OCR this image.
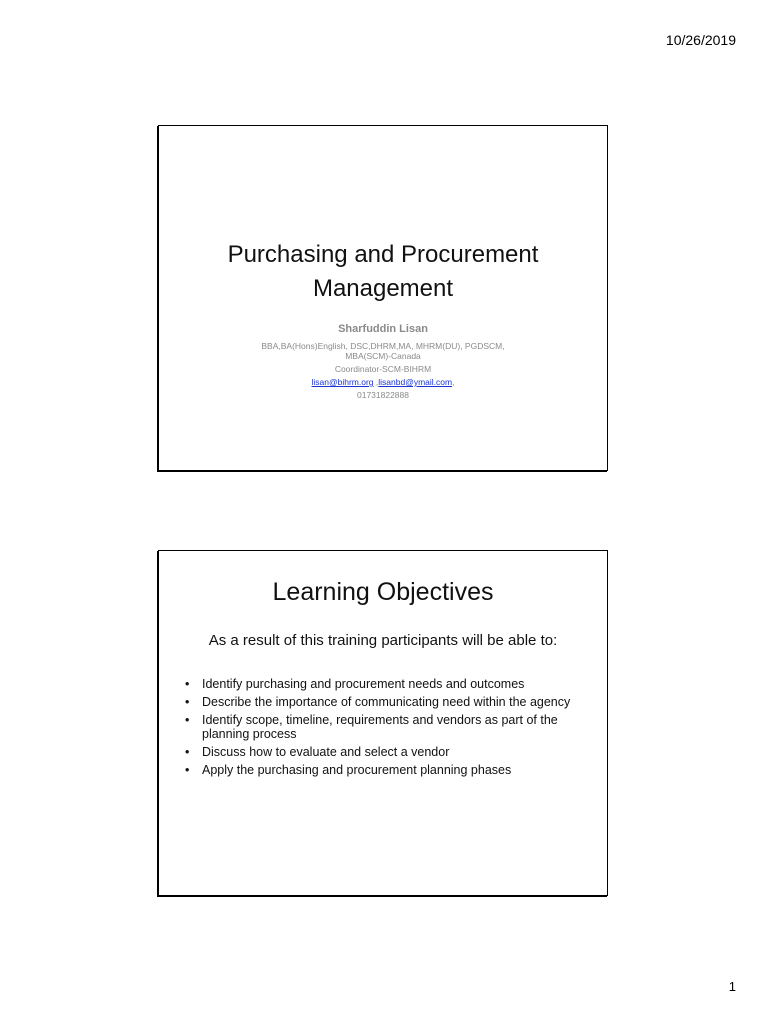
10/26/2019
Purchasing and Procurement
Management
Sharfuddin Lisan
BBA,BA(Hons)English, DSC,DHRM,MA, MHRM(DU), PGDSCM, MBA(SCM)-Canada
Coordinator-SCM-BIHRM
lisan@bihrm.org ,lisanbd@ymail.com,
01731822888
Learning Objectives
As a result of this training participants will be able to:
• Identify purchasing and procurement needs and outcomes
• Describe the importance of communicating need within the agency
• Identify scope, timeline, requirements and vendors as part of the planning process
• Discuss how to evaluate and select a vendor
• Apply the purchasing and procurement planning phases
1
